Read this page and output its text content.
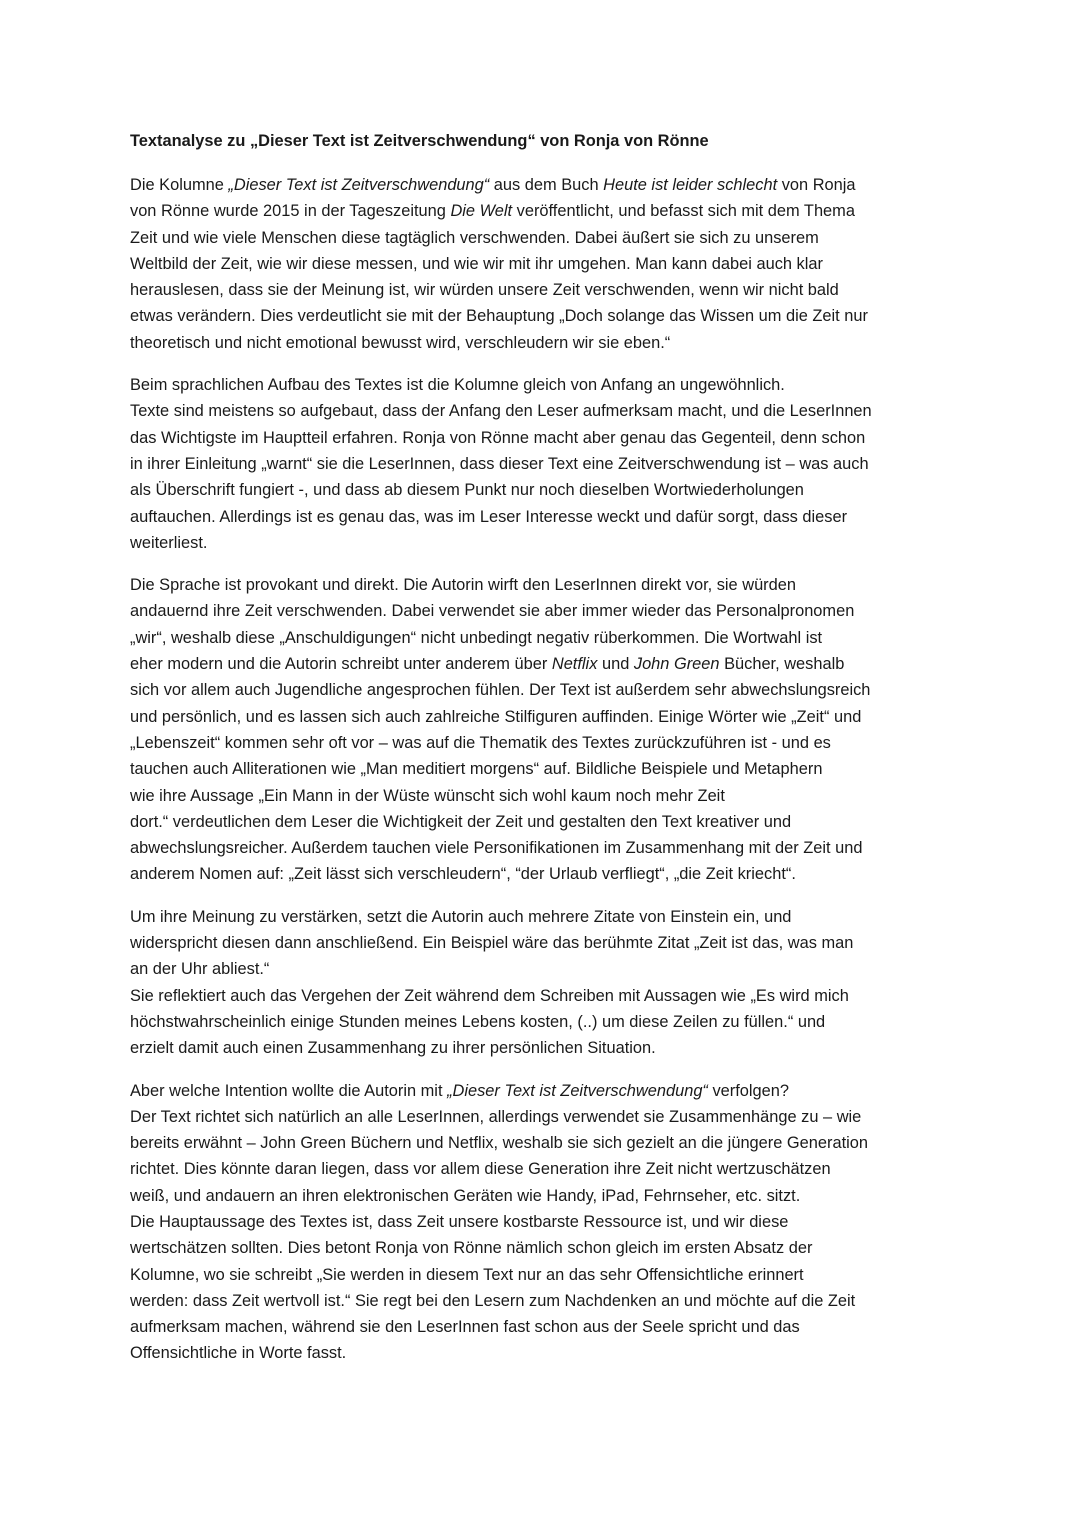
Textanalyse zu „Dieser Text ist Zeitverschwendung“ von Ronja von Rönne
Die Kolumne „Dieser Text ist Zeitverschwendung“ aus dem Buch Heute ist leider schlecht von Ronja
von Rönne wurde 2015 in der Tageszeitung Die Welt veröffentlicht, und befasst sich mit dem Thema
Zeit und wie viele Menschen diese tagtäglich verschwenden. Dabei äußert sie sich zu unserem
Weltbild der Zeit, wie wir diese messen, und wie wir mit ihr umgehen. Man kann dabei auch klar
herauslesen, dass sie der Meinung ist, wir würden unsere Zeit verschwenden, wenn wir nicht bald
etwas verändern. Dies verdeutlicht sie mit der Behauptung „Doch solange das Wissen um die Zeit nur
theoretisch und nicht emotional bewusst wird, verschleudern wir sie eben.“
Beim sprachlichen Aufbau des Textes ist die Kolumne gleich von Anfang an ungewöhnlich.
Texte sind meistens so aufgebaut, dass der Anfang den Leser aufmerksam macht, und die LeserInnen
das Wichtigste im Hauptteil erfahren. Ronja von Rönne macht aber genau das Gegenteil, denn schon
in ihrer Einleitung „warnt“ sie die LeserInnen, dass dieser Text eine Zeitverschwendung ist – was auch
als Überschrift fungiert -, und dass ab diesem Punkt nur noch dieselben Wortwiederholungen
auftauchen. Allerdings ist es genau das, was im Leser Interesse weckt und dafür sorgt, dass dieser
weiterliest.
Die Sprache ist provokant und direkt. Die Autorin wirft den LeserInnen direkt vor, sie würden
andauernd ihre Zeit verschwenden. Dabei verwendet sie aber immer wieder das Personalpronomen
„wir“, weshalb diese „Anschuldigungen“ nicht unbedingt negativ rüberkommen. Die Wortwahl ist
eher modern und die Autorin schreibt unter anderem über Netflix und John Green Bücher, weshalb
sich vor allem auch Jugendliche angesprochen fühlen. Der Text ist außerdem sehr abwechslungsreich
und persönlich, und es lassen sich auch zahlreiche Stilfiguren auffinden. Einige Wörter wie „Zeit“ und
„Lebenszeit“ kommen sehr oft vor – was auf die Thematik des Textes zurückzuführen ist - und es
tauchen auch Alliterationen wie „Man meditiert morgens“ auf. Bildliche Beispiele und Metaphern
wie ihre Aussage „Ein Mann in der Wüste wünscht sich wohl kaum noch mehr Zeit
dort.“ verdeutlichen dem Leser die Wichtigkeit der Zeit und gestalten den Text kreativer und
abwechslungsreicher. Außerdem tauchen viele Personifikationen im Zusammenhang mit der Zeit und
anderem Nomen auf: „Zeit lässt sich verschleudern“, “der Urlaub verfliegt“, „die Zeit kriecht“.
Um ihre Meinung zu verstärken, setzt die Autorin auch mehrere Zitate von Einstein ein, und
widerspricht diesen dann anschließend. Ein Beispiel wäre das berühmte Zitat „Zeit ist das, was man
an der Uhr abliest.“
Sie reflektiert auch das Vergehen der Zeit während dem Schreiben mit Aussagen wie „Es wird mich
höchstwahrscheinlich einige Stunden meines Lebens kosten, (..) um diese Zeilen zu füllen.“ und
erzielt damit auch einen Zusammenhang zu ihrer persönlichen Situation.
Aber welche Intention wollte die Autorin mit „Dieser Text ist Zeitverschwendung“ verfolgen?
Der Text richtet sich natürlich an alle LeserInnen, allerdings verwendet sie Zusammenhänge zu – wie
bereits erwähnt – John Green Büchern und Netflix, weshalb sie sich gezielt an die jüngere Generation
richtet. Dies könnte daran liegen, dass vor allem diese Generation ihre Zeit nicht wertzuschätzen
weiß, und andauern an ihren elektronischen Geräten wie Handy, iPad, Fehrnseher, etc. sitzt.
Die Hauptaussage des Textes ist, dass Zeit unsere kostbarste Ressource ist, und wir diese
wertschätzen sollten. Dies betont Ronja von Rönne nämlich schon gleich im ersten Absatz der
Kolumne, wo sie schreibt „Sie werden in diesem Text nur an das sehr Offensichtliche erinnert
werden: dass Zeit wertvoll ist.“ Sie regt bei den Lesern zum Nachdenken an und möchte auf die Zeit
aufmerksam machen, während sie den LeserInnen fast schon aus der Seele spricht und das
Offensichtliche in Worte fasst.
